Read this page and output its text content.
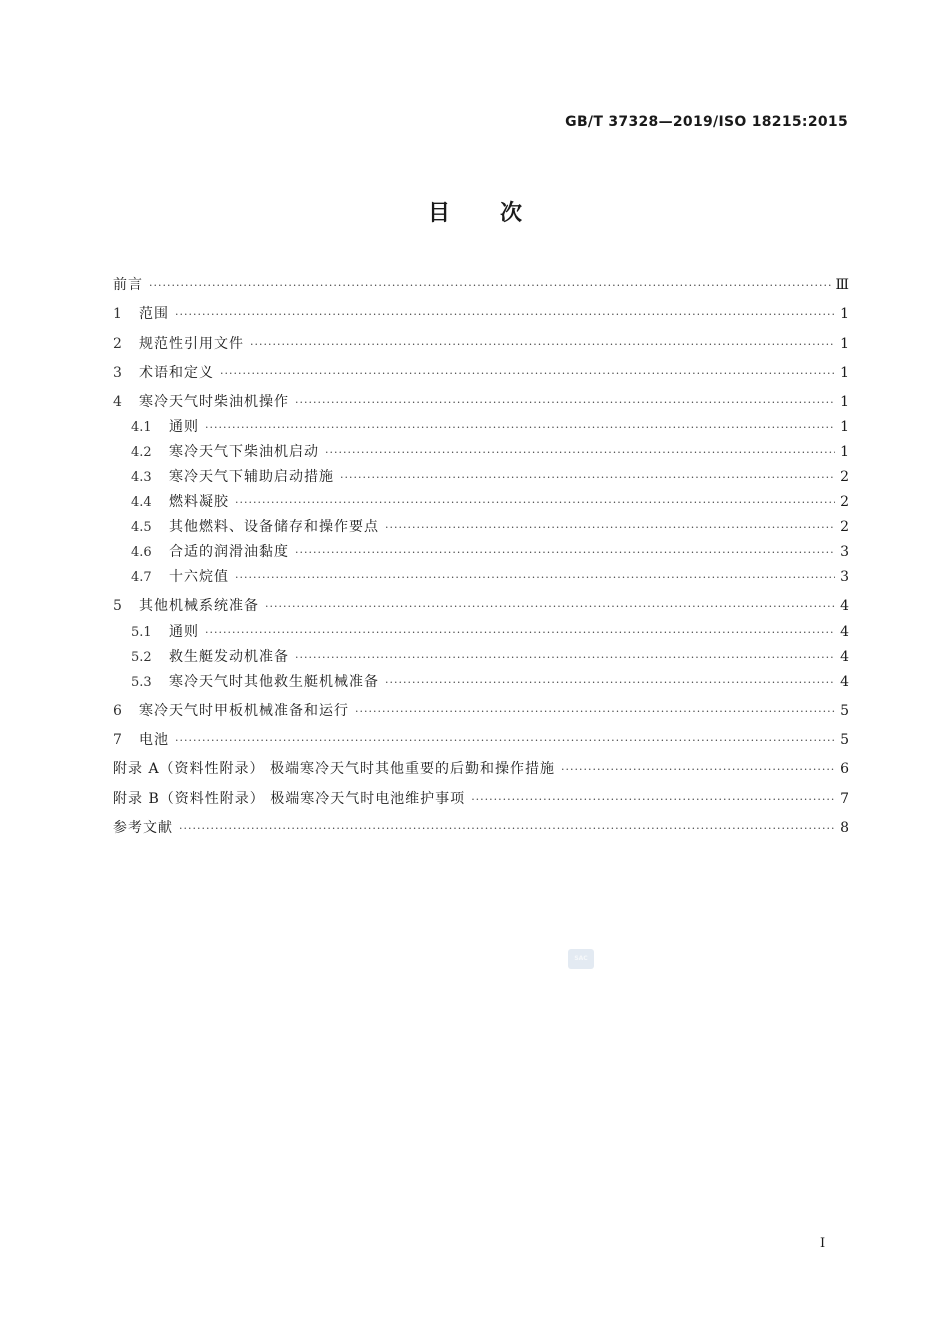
GB/T 37328—2019/ISO 18215:2015
目次
前言 ·····	Ⅲ
1	范围 ·····	1
2	规范性引用文件 ·····	1
3	术语和定义 ·····	1
4	寒冷天气时柴油机操作 ·····	1
4.1	通则 ·····	1
4.2	寒冷天气下柴油机启动 ·····	1
4.3	寒冷天气下辅助启动措施 ·····	2
4.4	燃料凝胶 ·····	2
4.5	其他燃料、设备储存和操作要点 ·····	2
4.6	合适的润滑油黏度 ·····	3
4.7	十六烷值 ·····	3
5	其他机械系统准备 ·····	4
5.1	通则 ·····	4
5.2	救生艇发动机准备 ·····	4
5.3	寒冷天气时其他救生艇机械准备 ·····	4
6	寒冷天气时甲板机械准备和运行 ·····	5
7	电池 ·····	5
附录 A（资料性附录） 极端寒冷天气时其他重要的后勤和操作措施 ·····	6
附录 B（资料性附录） 极端寒冷天气时电池维护事项 ·····	7
参考文献 ·····	8
SAC
I
